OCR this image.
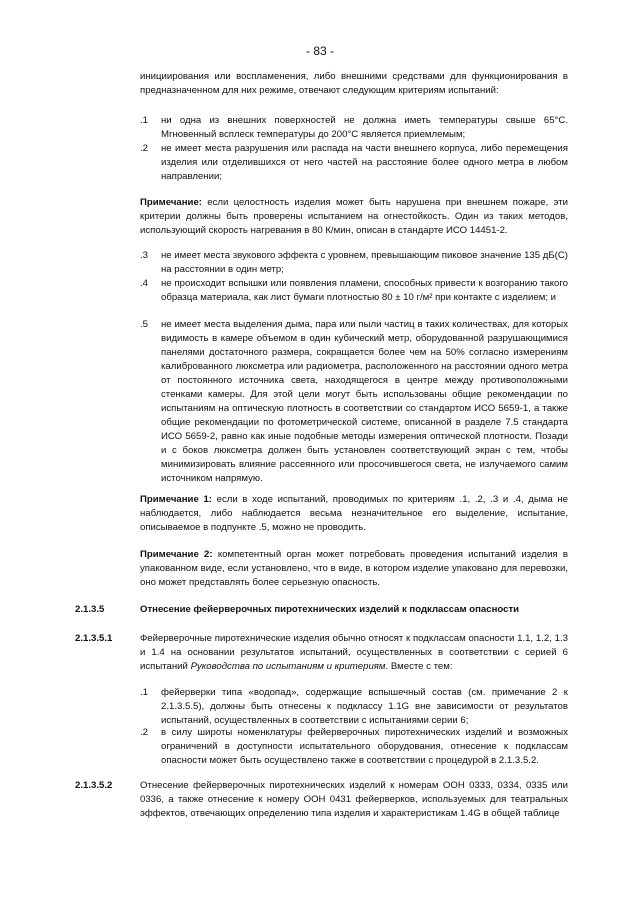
- 83 -
инициирования или воспламенения, либо внешними средствами для функционирования в предназначенном для них режиме, отвечают следующим критериям испытаний:
.1	ни одна из внешних поверхностей не должна иметь температуры свыше 65°С. Мгновенный всплеск температуры до 200°С является приемлемым;
.2	не имеет места разрушения или распада на части внешнего корпуса, либо перемещения изделия или отделившихся от него частей на расстояние более одного метра в любом направлении;
Примечание: если целостность изделия может быть нарушена при внешнем пожаре, эти критерии должны быть проверены испытанием на огнестойкость. Один из таких методов, использующий скорость нагревания в 80 К/мин, описан в стандарте ИСО 14451-2.
.3	не имеет места звукового эффекта с уровнем, превышающим пиковое значение 135 дБ(С) на расстоянии в один метр;
.4	не происходит вспышки или появления пламени, способных привести к возгоранию такого образца материала, как лист бумаги плотностью 80 ± 10 г/м² при контакте с изделием; и
.5	не имеет места выделения дыма, пара или пыли частиц в таких количествах, для которых видимость в камере объемом в один кубический метр, оборудованной разрушающимися панелями достаточного размера, сокращается более чем на 50% согласно измерениям калиброванного люксметра или радиометра, расположенного на расстоянии одного метра от постоянного источника света, находящегося в центре между противоположными стенками камеры. Для этой цели могут быть использованы общие рекомендации по испытаниям на оптическую плотность в соответствии со стандартом ИСО 5659-1, а также общие рекомендации по фотометрической системе, описанной в разделе 7.5 стандарта ИСО 5659-2, равно как иные подобные методы измерения оптической плотности. Позади и с боков люксметра должен быть установлен соответствующий экран с тем, чтобы минимизировать влияние рассеянного или просочившегося света, не излучаемого самим источником напрямую.
Примечание 1: если в ходе испытаний, проводимых по критериям .1, .2, .3 и .4, дыма не наблюдается, либо наблюдается весьма незначительное его выделение, испытание, описываемое в подпункте .5, можно не проводить.
Примечание 2: компетентный орган может потребовать проведения испытаний изделия в упакованном виде, если установлено, что в виде, в котором изделие упаковано для перевозки, оно может представлять более серьезную опасность.
2.1.3.5	Отнесение фейерверочных пиротехнических изделий к подклассам опасности
2.1.3.5.1	Фейерверочные пиротехнические изделия обычно относят к подклассам опасности 1.1, 1.2, 1.3 и 1.4 на основании результатов испытаний, осуществленных в соответствии с серией 6 испытаний Руководства по испытаниям и критериям. Вместе с тем:
.1	фейерверки типа «водопад», содержащие вспышечный состав (см. примечание 2 к 2.1.3.5.5), должны быть отнесены к подклассу 1.1G вне зависимости от результатов испытаний, осуществленных в соответствии с испытаниями серии 6;
.2	в силу широты номенклатуры фейерверочных пиротехнических изделий и возможных ограничений в доступности испытательного оборудования, отнесение к подклассам опасности может быть осуществлено также в соответствии с процедурой в 2.1.3.5.2.
2.1.3.5.2	Отнесение фейерверочных пиротехнических изделий к номерам ООН 0333, 0334, 0335 или 0336, а также отнесение к номеру ООН 0431 фейерверков, используемых для театральных эффектов, отвечающих определению типа изделия и характеристикам 1.4G в общей таблице
